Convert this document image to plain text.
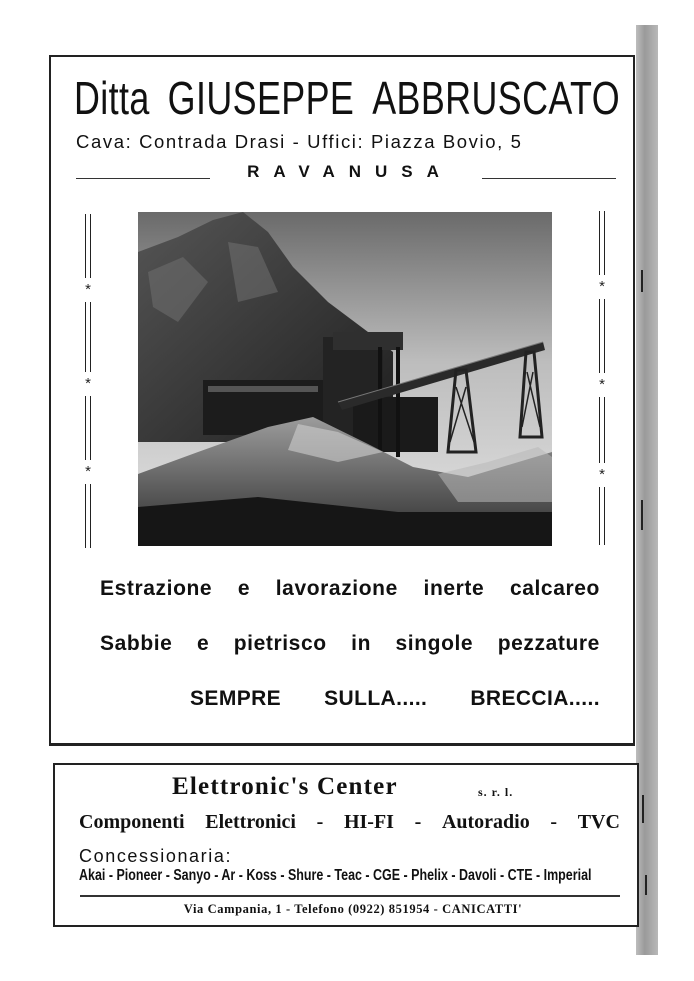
Ditta GIUSEPPE ABBRUSCATO
Cava: Contrada Drasi - Uffici: Piazza Bovio, 5
RAVANUSA
*
*
*
*
*
*
Estrazione e lavorazione inerte calcareo
Sabbie e pietrisco in singole pezzature
SEMPRE SULLA..... BRECCIA.....
Elettronic's Center	s. r. l.
Componenti Elettronici - HI-FI - Autoradio - TVC
Concessionaria:
Akai - Pioneer - Sanyo - Ar - Koss - Shure - Teac - CGE - Phelix - Davoli - CTE - Imperial
Via Campania, 1 - Telefono (0922) 851954 - CANICATTI'
